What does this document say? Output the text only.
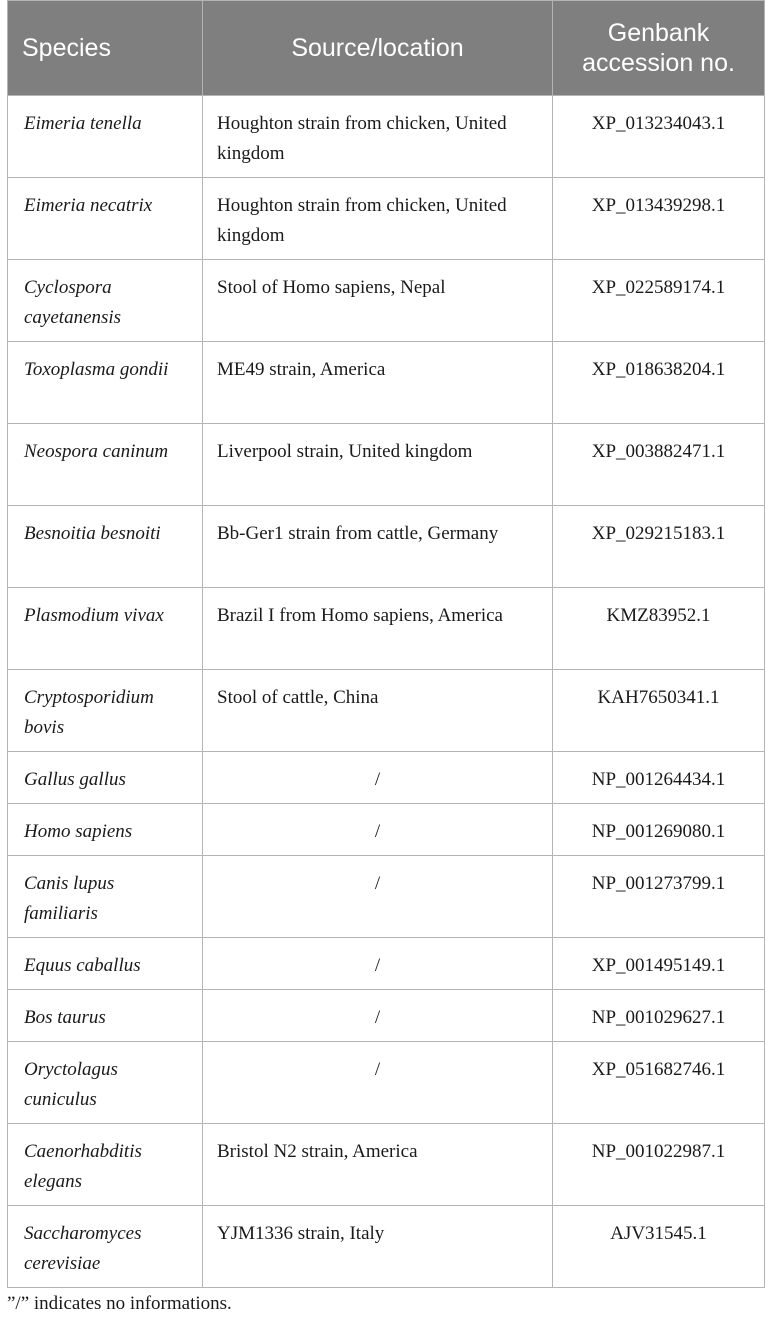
Species	Source/location	Genbank accession no.
Eimeria tenella	Houghton strain from chicken, United kingdom	XP_013234043.1
Eimeria necatrix	Houghton strain from chicken, United kingdom	XP_013439298.1
Cyclospora cayetanensis	Stool of Homo sapiens, Nepal	XP_022589174.1
Toxoplasma gondii	ME49 strain, America	XP_018638204.1
Neospora caninum	Liverpool strain, United kingdom	XP_003882471.1
Besnoitia besnoiti	Bb-Ger1 strain from cattle, Germany	XP_029215183.1
Plasmodium vivax	Brazil I from Homo sapiens, America	KMZ83952.1
Cryptosporidium bovis	Stool of cattle, China	KAH7650341.1
Gallus gallus	/	NP_001264434.1
Homo sapiens	/	NP_001269080.1
Canis lupus familiaris	/	NP_001273799.1
Equus caballus	/	XP_001495149.1
Bos taurus	/	NP_001029627.1
Oryctolagus cuniculus	/	XP_051682746.1
Caenorhabditis elegans	Bristol N2 strain, America	NP_001022987.1
Saccharomyces cerevisiae	YJM1336 strain, Italy	AJV31545.1

”/” indicates no informations.
